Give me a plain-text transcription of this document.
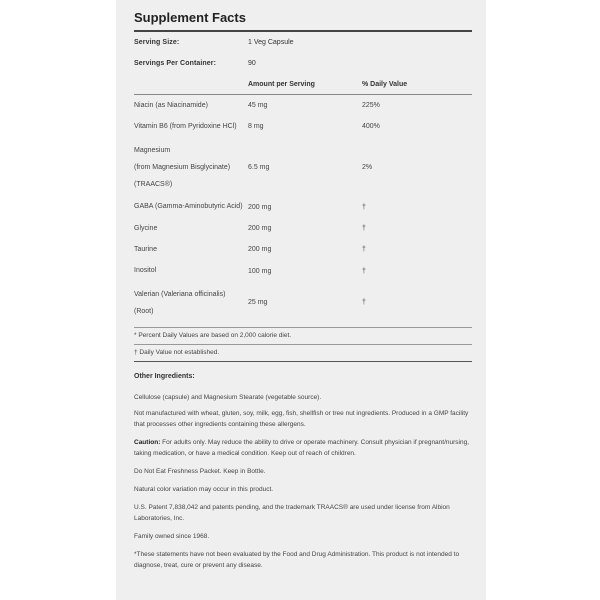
Supplement Facts
Serving Size:	1 Veg Capsule	
Servings Per Container:	90	
	Amount per Serving	% Daily Value

Niacin (as Niacinamide)	45 mg	225%

Vitamin B6 (from Pyridoxine HCl)	8 mg	400%

Magnesium
(from Magnesium Bisglycinate)
(TRAACS®)	6.5 mg	2%

GABA (Gamma-Aminobutyric Acid)	200 mg	†

Glycine	200 mg	†

Taurine	200 mg	†

Inositol	100 mg	†

Valerian (Valeriana officinalis)
(Root)	25 mg	†
* Percent Daily Values are based on 2,000 calorie diet.
† Daily Value not established.
Other Ingredients:

Cellulose (capsule) and Magnesium Stearate (vegetable source).

Not manufactured with wheat, gluten, soy, milk, egg, fish, shellfish or tree nut ingredients. Produced in a GMP facility that processes other ingredients containing these allergens.

Caution: For adults only. May reduce the ability to drive or operate machinery. Consult physician if pregnant/nursing, taking medication, or have a medical condition. Keep out of reach of children.

Do Not Eat Freshness Packet. Keep in Bottle.

Natural color variation may occur in this product.

U.S. Patent 7,838,042 and patents pending, and the trademark TRAACS® are used under license from Albion Laboratories, Inc.

Family owned since 1968.

*These statements have not been evaluated by the Food and Drug Administration. This product is not intended to diagnose, treat, cure or prevent any disease.
